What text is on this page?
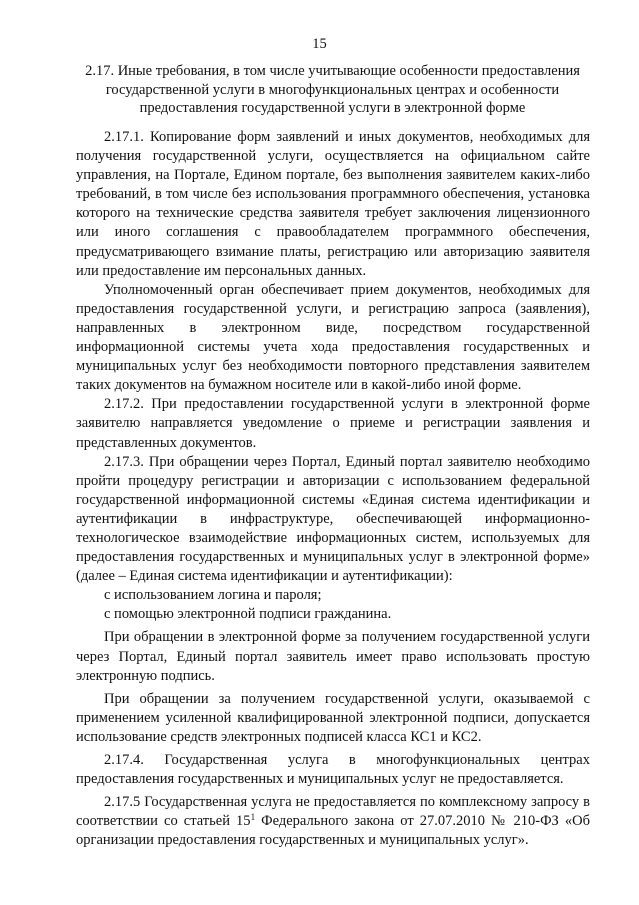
15
2.17. Иные требования, в том числе учитывающие особенности предоставления государственной услуги в многофункциональных центрах и особенности предоставления государственной услуги в электронной форме

2.17.1. Копирование форм заявлений и иных документов, необходимых для получения государственной услуги, осуществляется на официальном сайте управления, на Портале, Едином портале, без выполнения заявителем каких-либо требований, в том числе без использования программного обеспечения, установка которого на технические средства заявителя требует заключения лицензионного или иного соглашения с правообладателем программного обеспечения, предусматривающего взимание платы, регистрацию или авторизацию заявителя или предоставление им персональных данных.

Уполномоченный орган обеспечивает прием документов, необходимых для предоставления государственной услуги, и регистрацию запроса (заявления), направленных в электронном виде, посредством государственной информационной системы учета хода предоставления государственных и муниципальных услуг без необходимости повторного представления заявителем таких документов на бумажном носителе или в какой-либо иной форме.

2.17.2. При предоставлении государственной услуги в электронной форме заявителю направляется уведомление о приеме и регистрации заявления и представленных документов.

2.17.3. При обращении через Портал, Единый портал заявителю необходимо пройти процедуру регистрации и авторизации с использованием федеральной государственной информационной системы «Единая система идентификации и аутентификации в инфраструктуре, обеспечивающей информационно-технологическое взаимодействие информационных систем, используемых для предоставления государственных и муниципальных услуг в электронной форме» (далее – Единая система идентификации и аутентификации):

с использованием логина и пароля;

с помощью электронной подписи гражданина.

При обращении в электронной форме за получением государственной услуги через Портал, Единый портал заявитель имеет право использовать простую электронную подпись.

При обращении за получением государственной услуги, оказываемой с применением усиленной квалифицированной электронной подписи, допускается использование средств электронных подписей класса КС1 и КС2.

2.17.4. Государственная услуга в многофункциональных центрах предоставления государственных и муниципальных услуг не предоставляется.

2.17.5 Государственная услуга не предоставляется по комплексному запросу в соответствии со статьей $15^1$ Федерального закона от 27.07.2010 № 210-ФЗ «Об организации предоставления государственных и муниципальных услуг».
